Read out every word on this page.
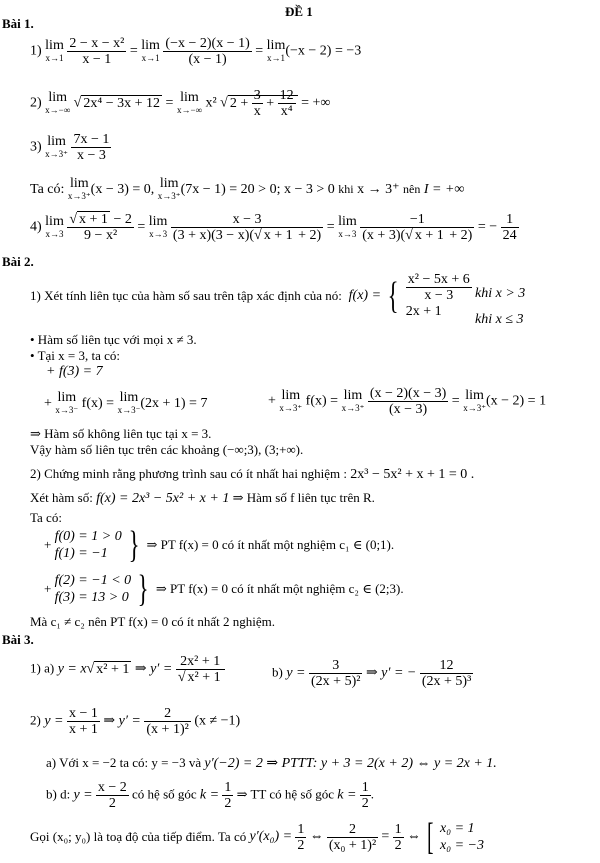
ĐỀ 1
Bài 1.
1) lim
x→1
$\frac{\text{2 − x − x²}}{x - 1} = \lim$
x→1
$\frac{(-x - 2)(x - 1)}{(x - 1)} = \lim$
x→1 (−x − 2) = −3
2) lim
x→−∞ √ 2x⁴ − 3x + 12 = lim
x→−∞ x² √ $2 + \frac{3}{x} + \frac{12}{\text{x⁴}}$ = +∞
3) lim
x→3⁺
$\frac{7x - 1}{x - 3}$
Ta có: lim
x→3⁺ (x − 3) = 0, lim
x→3⁺ (7x − 1) = 20 > 0; x − 3 > 0 khi x → 3⁺ nên I = +∞
4) lim
x→3
$\frac{√ x + 1 - 2}{\text{9 − x²}} = \lim$
x→3
$\frac{x - 3}{(3 + x)(3 - x)(√ x + 1 + 2)} = \lim$
x→3
$\frac{-1}{(x + 3)(√ x + 1 + 2)}$ = − $\frac{1}{24}$
Bài 2.
1) Xét tính liên tục của hàm số sau trên tập xác định của nó:  f(x) = { x² − 5x + 6
x − 3
2x + 1
khi x > 3
khi x ≤ 3
• Hàm số liên tục với mọi x ≠ 3.
• Tại x = 3, ta có:
+ f(3) = 7
+ lim
x→3⁻ f(x) = lim
x→3⁻ (2x + 1) = 7	+ lim
x→3⁺ f(x) = lim
x→3⁺
$\frac{(x - 2)(x - 3)}{(x - 3)} = \lim$
x→3⁺ (x − 2) = 1
⇒ Hàm số không liên tục tại x = 3.
Vậy hàm số liên tục trên các khoảng (−∞;3), (3;+∞).
2) Chứng minh rằng phương trình sau có ít nhất hai nghiệm : 2x³ − 5x² + x + 1 = 0 .
Xét hàm số: f(x) = 2x³ − 5x² + x + 1 ⇒ Hàm số f liên tục trên R.
Ta có:
+
f(0) = 1 > 0
f(1) = −1 } ⇒ PT f(x) = 0 có ít nhất một nghiệm c₁ ∈ (0;1).
+
f(2) = −1 < 0
f(3) = 13 > 0 } ⇒ PT f(x) = 0 có ít nhất một nghiệm c₂ ∈ (2;3).
Mà c₁ ≠ c₂ nên PT f(x) = 0 có ít nhất 2 nghiệm.
Bài 3.
1) a) y = x√ x² + 1 ⇒ $y' = \frac{\text{2x² + 1}}{\text{√ x² + 1}}$	b) $y = \frac{3}{\text{(2x + 5)²}}$ ⇒ y′ = − $\frac{12}{\text{(2x + 5)³}}$
2) $y = \frac{x - 1}{x + 1}$ ⇒ $y' = \frac{2}{\text{(x + 1)²}} (x \ne -1)$
a) Với x = −2 ta có: y = −3 và y′(−2) = 2 ⇒ PTTT: y + 3 = 2(x + 2) ⇔ y = 2x + 1.
b) d: $y = \frac{x - 2}{2}$ có hệ số góc $k = \frac{1}{2}$ ⇒ TT có hệ số góc $k = \frac{1}{2}$ .
Gọi (x₀; y₀) là toạ độ của tiếp điểm. Ta có $y'(x_0) = \frac{1}{2}$ ⇔ $\frac{2}{\text{(x₀ + 1)²}} = \frac{1}{2}$ ⇔ [ x₀ = 1
x₀ = −3
